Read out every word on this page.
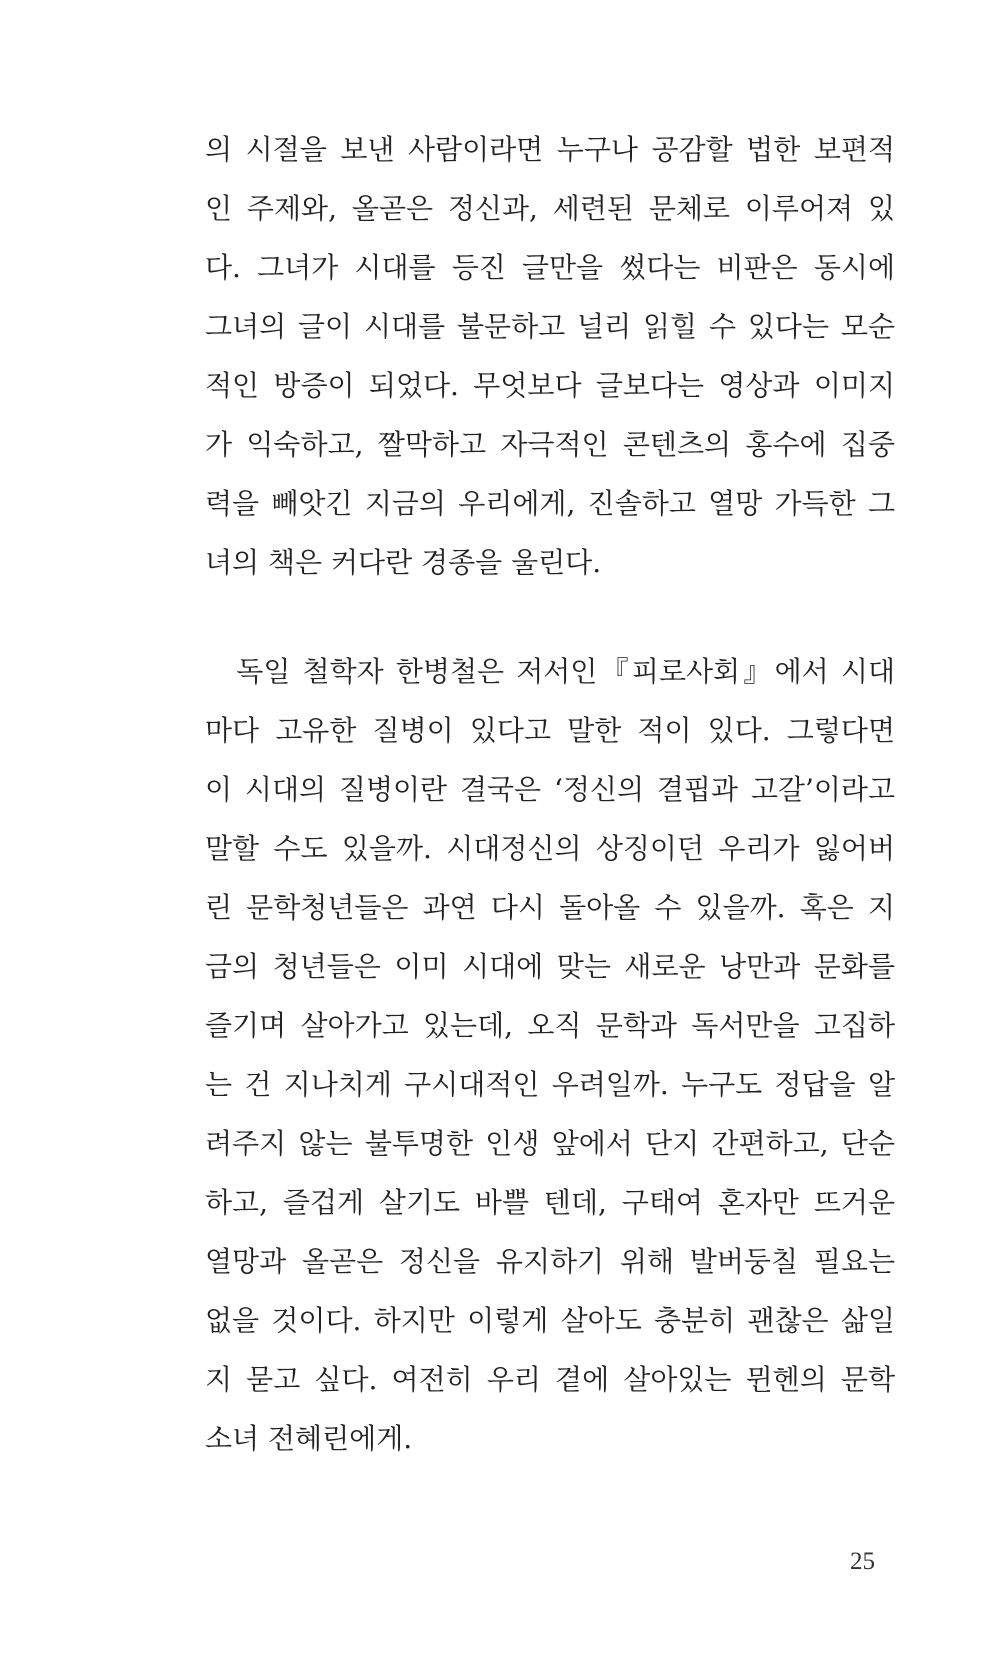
의 시절을 보낸 사람이라면 누구나 공감할 법한 보편적
인 주제와, 올곧은 정신과, 세련된 문체로 이루어져 있
다. 그녀가 시대를 등진 글만을 썼다는 비판은 동시에
그녀의 글이 시대를 불문하고 널리 읽힐 수 있다는 모순
적인 방증이 되었다. 무엇보다 글보다는 영상과 이미지
가 익숙하고, 짤막하고 자극적인 콘텐츠의 홍수에 집중
력을 빼앗긴 지금의 우리에게, 진솔하고 열망 가득한 그
녀의 책은 커다란 경종을 울린다.
　독일 철학자 한병철은 저서인『피로사회』에서 시대
마다 고유한 질병이 있다고 말한 적이 있다. 그렇다면
이 시대의 질병이란 결국은 ‘정신의 결핍과 고갈’이라고
말할 수도 있을까. 시대정신의 상징이던 우리가 잃어버
린 문학청년들은 과연 다시 돌아올 수 있을까. 혹은 지
금의 청년들은 이미 시대에 맞는 새로운 낭만과 문화를
즐기며 살아가고 있는데, 오직 문학과 독서만을 고집하
는 건 지나치게 구시대적인 우려일까. 누구도 정답을 알
려주지 않는 불투명한 인생 앞에서 단지 간편하고, 단순
하고, 즐겁게 살기도 바쁠 텐데, 구태여 혼자만 뜨거운
열망과 올곧은 정신을 유지하기 위해 발버둥칠 필요는
없을 것이다. 하지만 이렇게 살아도 충분히 괜찮은 삶일
지 묻고 싶다. 여전히 우리 곁에 살아있는 뮌헨의 문학
소녀 전혜린에게.
25
